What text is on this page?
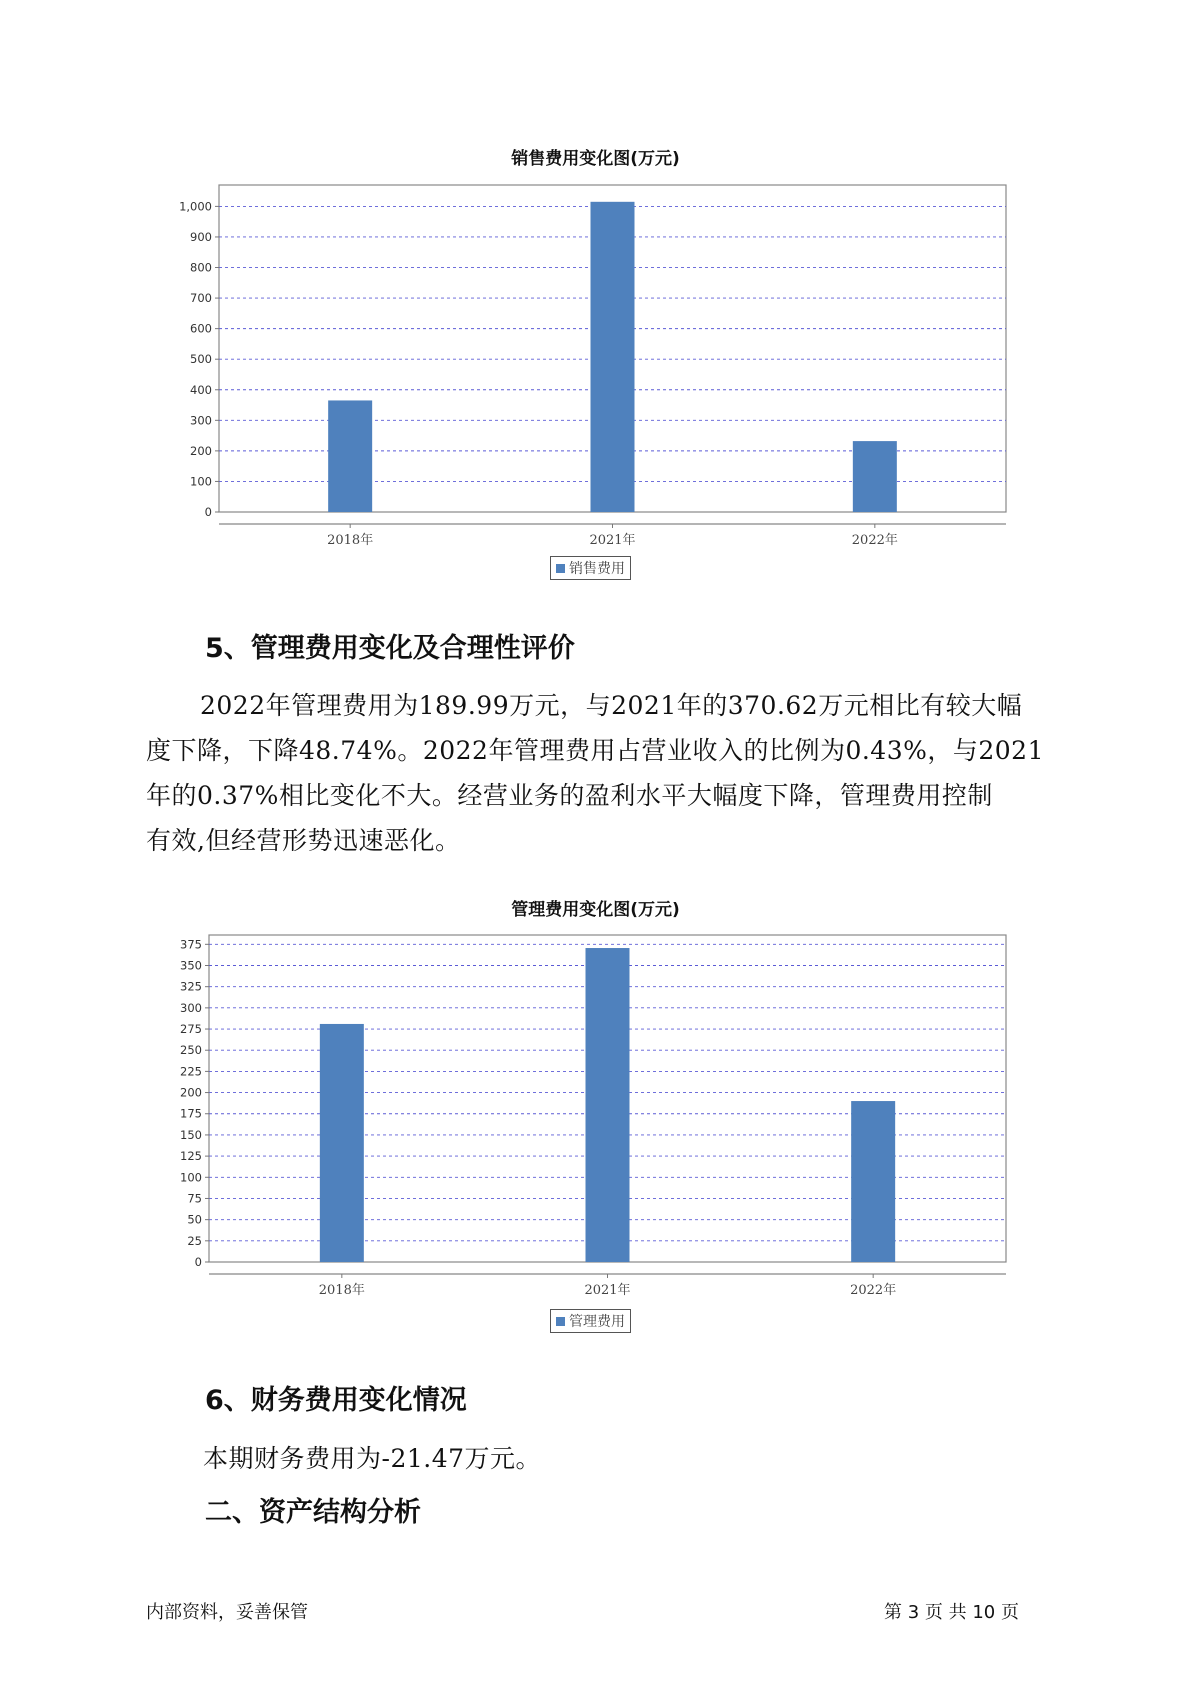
销售费用变化图(万元)
0
100
200
300
400
500
600
700
800
900
1,000
2018年	2021年	2022年
销售费用
5、管理费用变化及合理性评价

2022年管理费用为189.99万元，与2021年的370.62万元相比有较大幅

度下降，下降48.74%。2022年管理费用占营业收入的比例为0.43%，与2021

年的0.37%相比变化不大。经营业务的盈利水平大幅度下降，管理费用控制

有效,但经营形势迅速恶化。

管理费用变化图(万元)
0
25
50
75
100
125
150
175
200
225
250
275
300
325
350
375
2018年	2021年	2022年
管理费用
6、财务费用变化情况

本期财务费用为-21.47万元。

二、资产结构分析
内部资料，妥善保管	第 3 页 共 10 页
